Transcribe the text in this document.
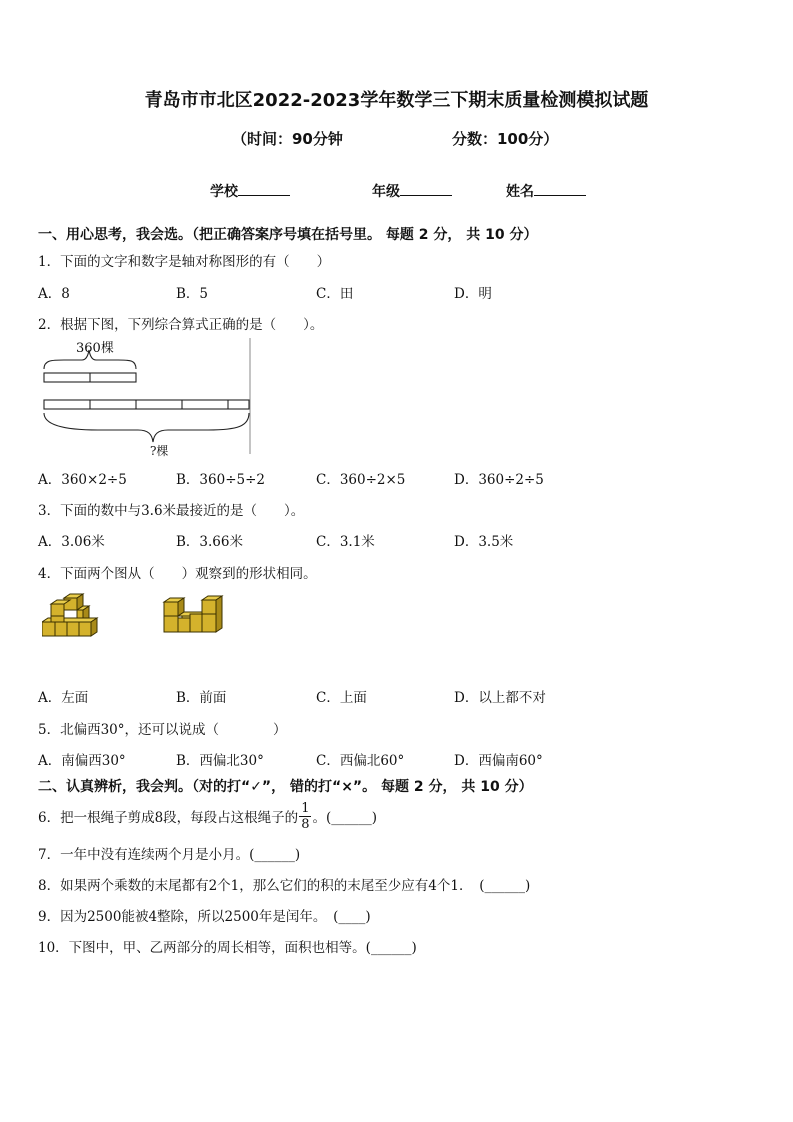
青岛市市北区2022-2023学年数学三下期末质量检测模拟试题
（时间：90分钟	分数：100分）
学校	年级	姓名
一、用心思考，我会选。（把正确答案序号填在括号里。 每题 2 分， 共 10 分）
1．下面的文字和数字是轴对称图形的有（　　）
A．8	B．5	C．田	D．明
2．根据下图，下列综合算式正确的是（　　）。
360棵
?棵
A．360×2÷5	B．360÷5÷2	C．360÷2×5	D．360÷2÷5
3．下面的数中与3.6米最接近的是（　　）。
A．3.06米	B．3.66米	C．3.1米	D．3.5米
4．下面两个图从（　　）观察到的形状相同。
A．左面	B．前面	C．上面	D．以上都不对
5．北偏西30°，还可以说成（　　　　）
A．南偏西30°	B．西偏北30°	C．西偏北60°	D．西偏南60°
二、认真辨析，我会判。（对的打“✓”， 错的打“×”。 每题 2 分， 共 10 分）
6．把一根绳子剪成8段，每段占这根绳子的 $\frac{1}{8}$ 。(______)
7．一年中没有连续两个月是小月。(______)
8．如果两个乘数的末尾都有2个1，那么它们的积的末尾至少应有4个1．　(______)
9．因为2500能被4整除，所以2500年是闰年。　(____)
10．下图中，甲、乙两部分的周长相等，面积也相等。(______)
